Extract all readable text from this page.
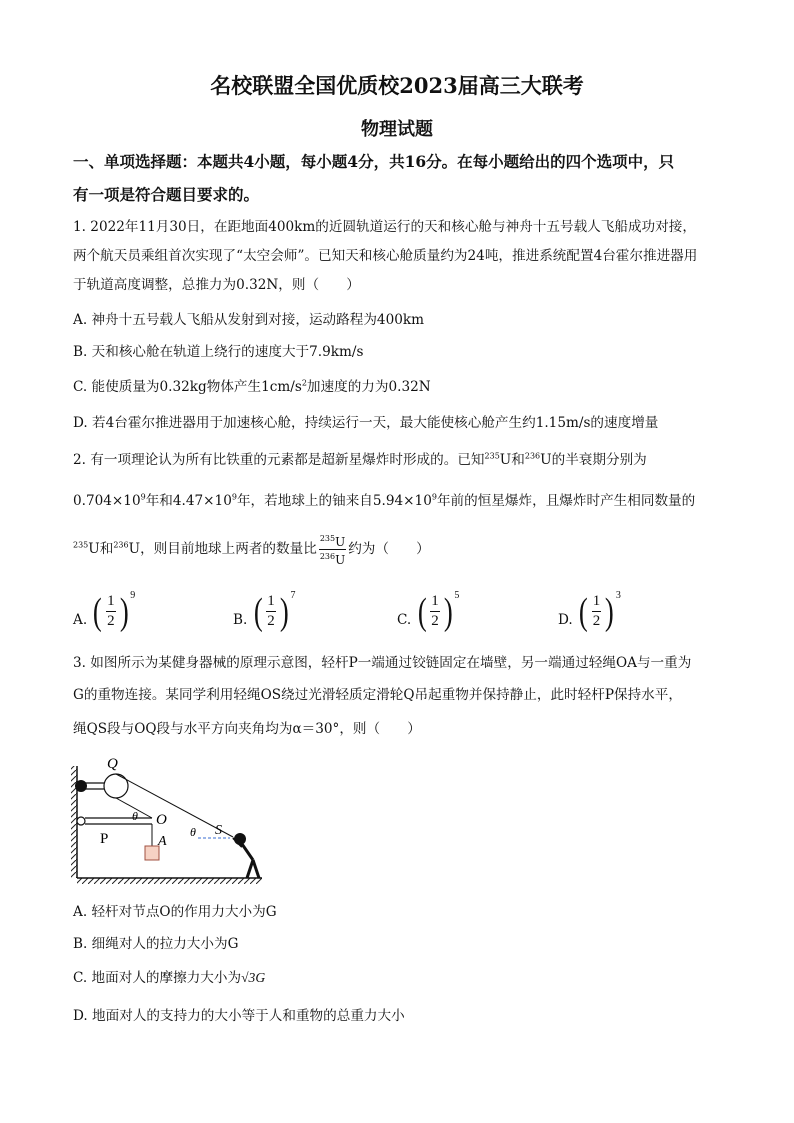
名校联盟全国优质校2023届高三大联考
物理试题
一、单项选择题：本题共4小题，每小题4分，共16分。在每小题给出的四个选项中，只
有一项是符合题目要求的。
1. 2022年11月30日，在距地面400km的近圆轨道运行的天和核心舱与神舟十五号载人飞船成功对接，
两个航天员乘组首次实现了“太空会师”。已知天和核心舱质量约为24吨，推进系统配置4台霍尔推进器用
于轨道高度调整，总推力为0.32N，则（　　）
A. 神舟十五号载人飞船从发射到对接，运动路程为400km
B. 天和核心舱在轨道上绕行的速度大于7.9km/s
C. 能使质量为0.32kg物体产生$1cm/s^2$加速度的力为0.32N
D. 若4台霍尔推进器用于加速核心舱，持续运行一天，最大能使核心舱产生约1.15m/s的速度增量
2. 有一项理论认为所有比铁重的元素都是超新星爆炸时形成的。已知$^{235}$U和$^{236}$U的半衰期分别为
$0.704\times 10^9$年和$4.47\times 10^9$年，若地球上的铀来自$5.94\times 10^9$年前的恒星爆炸，且爆炸时产生相同数量的
$^{235}$U和$^{236}$U，则目前地球上两者的数量比 $\frac{^{235}U}{^{236}U}$ 约为（　　）
A. ( $\frac{1}{2} )^9$
B. ( $\frac{1}{2} )^7$
C. ( $\frac{1}{2} )^5$
D. ( $\frac{1}{2} )^3$
3. 如图所示为某健身器械的原理示意图，轻杆P一端通过铰链固定在墙壁，另一端通过轻绳OA与一重为
G的重物连接。某同学利用轻绳OS绕过光滑轻质定滑轮Q吊起重物并保持静止，此时轻杆P保持水平，
绳QS段与OQ段与水平方向夹角均为α＝30°，则（　　）
Q
O
P	A
S
θ
θ
A. 轻杆对节点O的作用力大小为G
B. 细绳对人的拉力大小为G
C. 地面对人的摩擦力大小为√3G
D. 地面对人的支持力的大小等于人和重物的总重力大小
